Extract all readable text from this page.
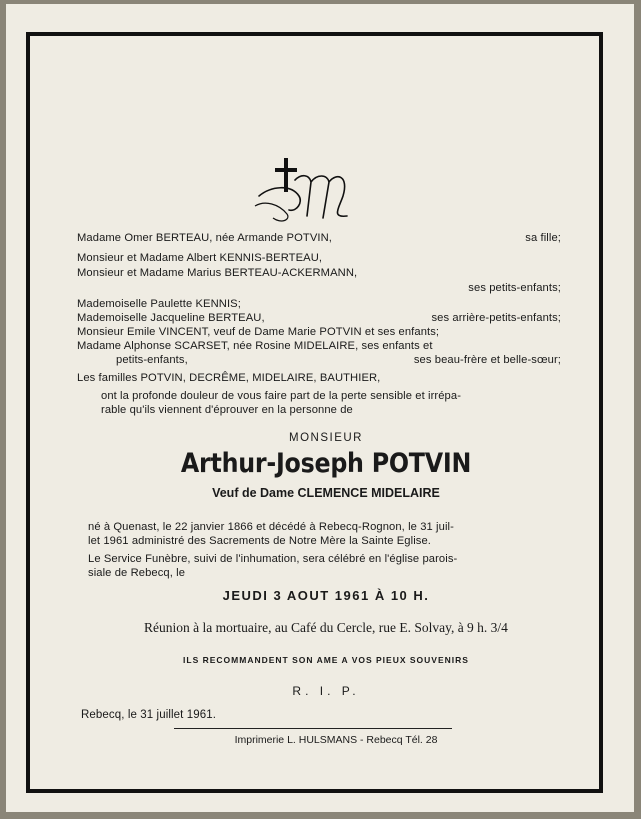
Madame Omer BERTEAU, née Armande POTVIN,	sa fille;
Monsieur et Madame Albert KENNIS-BERTEAU,
Monsieur et Madame Marius BERTEAU-ACKERMANN,
ses petits-enfants;
Mademoiselle Paulette KENNIS;
Mademoiselle Jacqueline BERTEAU,	ses arrière-petits-enfants;
Monsieur Emile VINCENT, veuf de Dame Marie POTVIN et ses enfants;
Madame Alphonse SCARSET, née Rosine MIDELAIRE, ses enfants et
petits-enfants,	ses beau-frère et belle-sœur;
Les familles POTVIN, DECRÊME, MIDELAIRE, BAUTHIER,
ont la profonde douleur de vous faire part de la perte sensible et irrépa-
rable qu'ils viennent d'éprouver en la personne de
MONSIEUR
Arthur-Joseph POTVIN
Veuf de Dame CLEMENCE MIDELAIRE
né à Quenast, le 22 janvier 1866 et décédé à Rebecq-Rognon, le 31 juil-
let 1961 administré des Sacrements de Notre Mère la Sainte Eglise.
Le Service Funèbre, suivi de l'inhumation, sera célébré en l'église parois-
siale de Rebecq, le
JEUDI 3 AOUT 1961 À 10 H.
Réunion à la mortuaire, au Café du Cercle, rue E. Solvay, à 9 h. 3/4
ILS RECOMMANDENT SON AME A VOS PIEUX SOUVENIRS
R. I. P.
Rebecq, le 31 juillet 1961.
Imprimerie L. HULSMANS - Rebecq Tél. 28
